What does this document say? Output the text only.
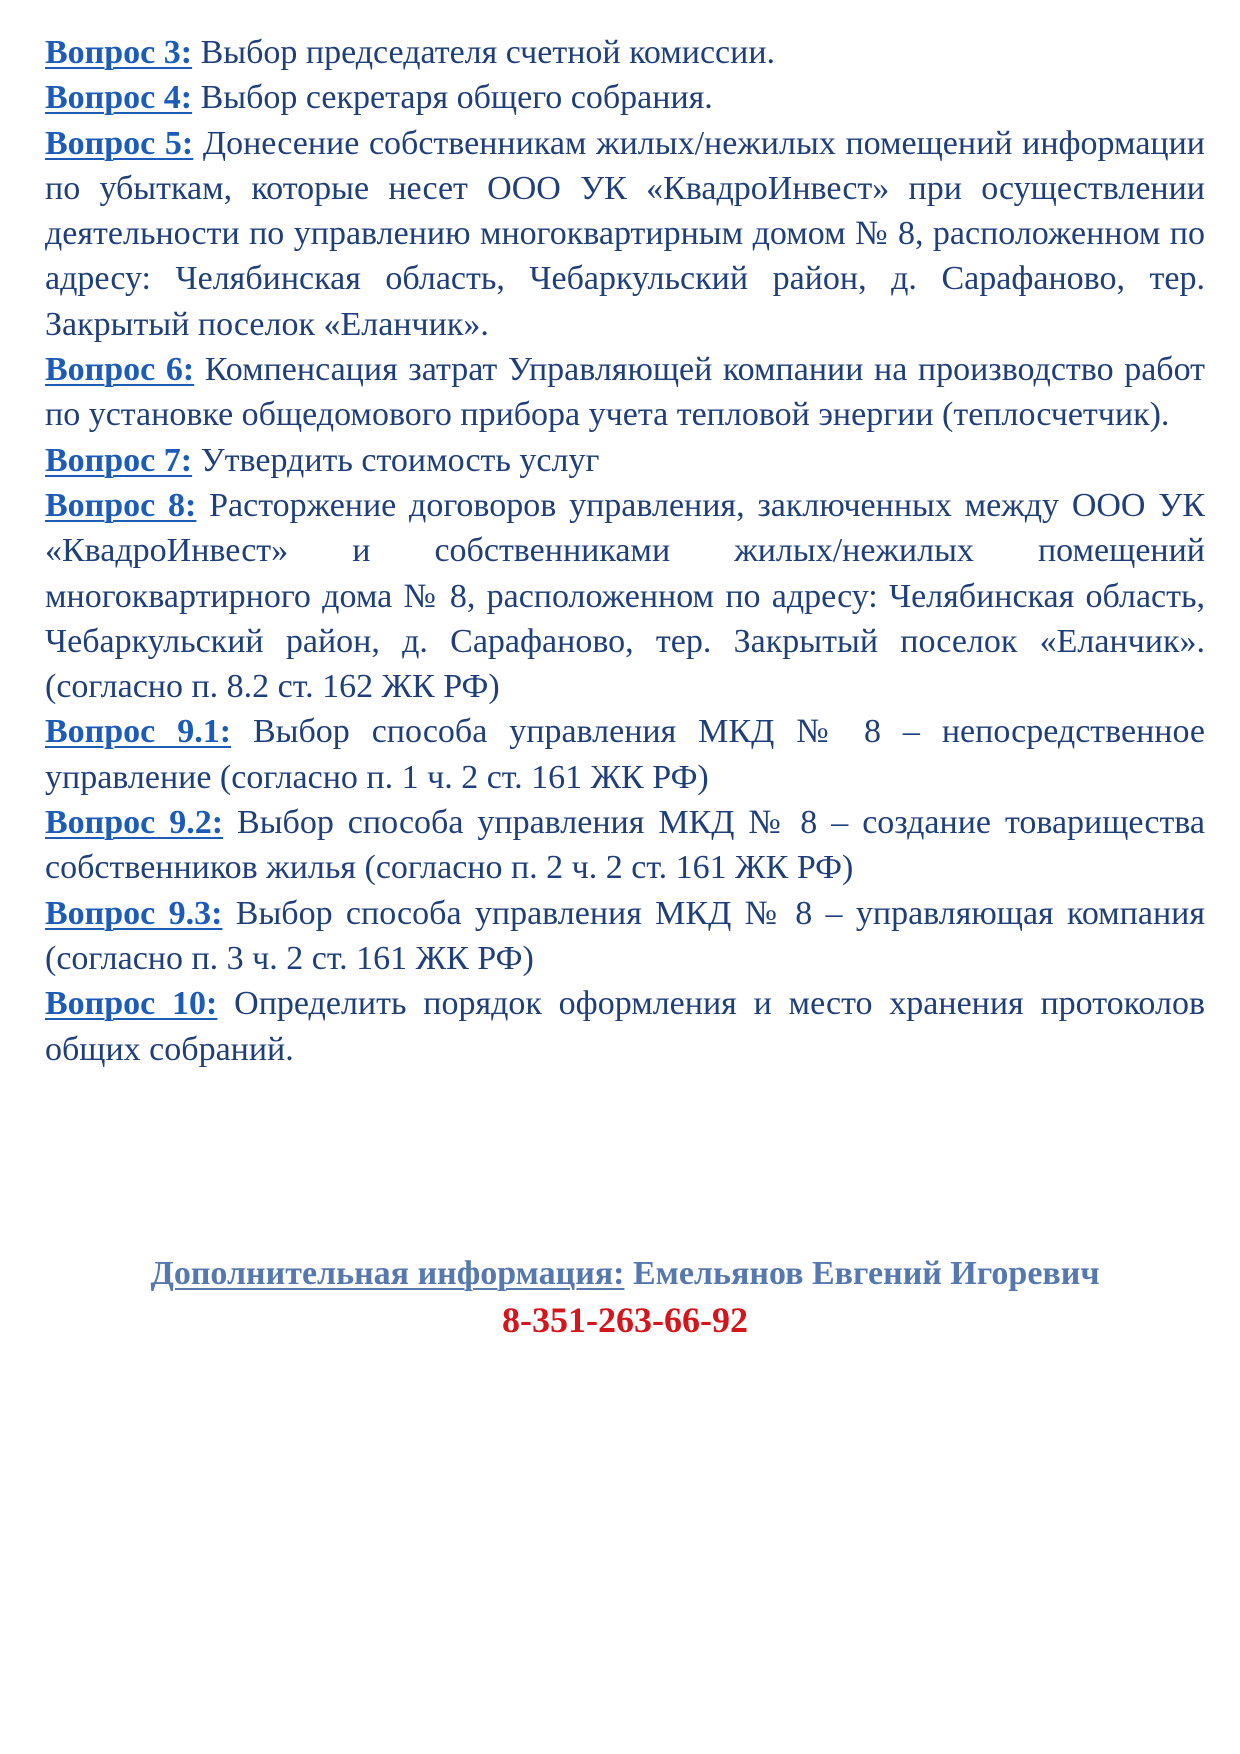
Вопрос 3: Выбор председателя счетной комиссии.

Вопрос 4: Выбор секретаря общего собрания.

Вопрос 5: Донесение собственникам жилых/нежилых помещений информации по убыткам, которые несет ООО УК «КвадроИнвест» при осуществлении деятельности по управлению многоквартирным домом № 8, расположенном по адресу: Челябинская область, Чебаркульский район, д. Сарафаново, тер. Закрытый поселок «Еланчик».

Вопрос 6: Компенсация затрат Управляющей компании на производство работ по установке общедомового прибора учета тепловой энергии (теплосчетчик).

Вопрос 7: Утвердить стоимость услуг

Вопрос 8: Расторжение договоров управления, заключенных между ООО УК «КвадроИнвест» и собственниками жилых/нежилых помещений многоквартирного дома № 8, расположенном по адресу: Челябинская область, Чебаркульский район, д. Сарафаново, тер. Закрытый поселок «Еланчик». (согласно п. 8.2 ст. 162 ЖК РФ)

Вопрос 9.1: Выбор способа управления МКД № 8 – непосредственное управление (согласно п. 1 ч. 2 ст. 161 ЖК РФ)

Вопрос 9.2: Выбор способа управления МКД № 8 – создание товарищества собственников жилья (согласно п. 2 ч. 2 ст. 161 ЖК РФ)

Вопрос 9.3: Выбор способа управления МКД № 8 – управляющая компания (согласно п. 3 ч. 2 ст. 161 ЖК РФ)

Вопрос 10: Определить порядок оформления и место хранения протоколов общих собраний.

Дополнительная информация: Емельянов Евгений Игоревич
8-351-263-66-92
